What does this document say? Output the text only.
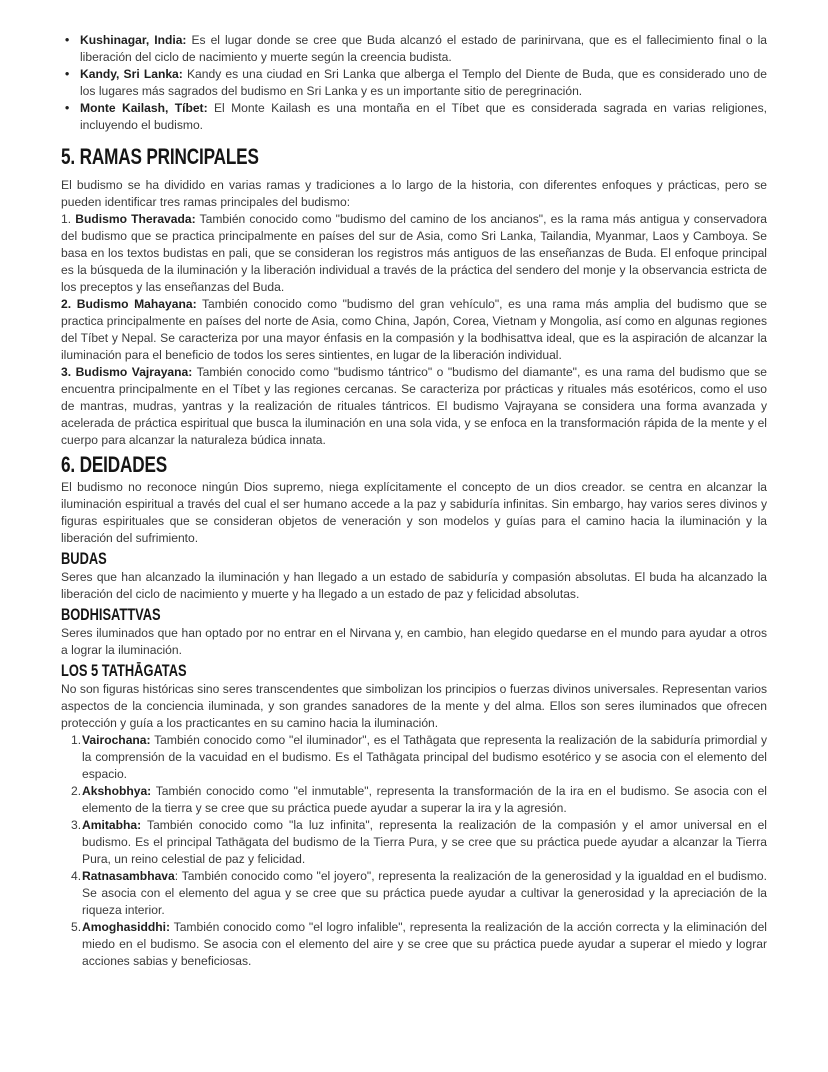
• Kushinagar, India: Es el lugar donde se cree que Buda alcanzó el estado de parinirvana, que es el fallecimiento final o la liberación del ciclo de nacimiento y muerte según la creencia budista.
• Kandy, Sri Lanka: Kandy es una ciudad en Sri Lanka que alberga el Templo del Diente de Buda, que es considerado uno de los lugares más sagrados del budismo en Sri Lanka y es un importante sitio de peregrinación.
• Monte Kailash, Tíbet: El Monte Kailash es una montaña en el Tíbet que es considerada sagrada en varias religiones, incluyendo el budismo.
5. RAMAS PRINCIPALES

El budismo se ha dividido en varias ramas y tradiciones a lo largo de la historia, con diferentes enfoques y prácticas, pero se pueden identificar tres ramas principales del budismo:

1. Budismo Theravada: También conocido como "budismo del camino de los ancianos", es la rama más antigua y conservadora del budismo que se practica principalmente en países del sur de Asia, como Sri Lanka, Tailandia, Myanmar, Laos y Camboya. Se basa en los textos budistas en pali, que se consideran los registros más antiguos de las enseñanzas de Buda. El enfoque principal es la búsqueda de la iluminación y la liberación individual a través de la práctica del sendero del monje y la observancia estricta de los preceptos y las enseñanzas del Buda.

2. Budismo Mahayana: También conocido como "budismo del gran vehículo", es una rama más amplia del budismo que se practica principalmente en países del norte de Asia, como China, Japón, Corea, Vietnam y Mongolia, así como en algunas regiones del Tíbet y Nepal. Se caracteriza por una mayor énfasis en la compasión y la bodhisattva ideal, que es la aspiración de alcanzar la iluminación para el beneficio de todos los seres sintientes, en lugar de la liberación individual.

3. Budismo Vajrayana: También conocido como "budismo tántrico" o "budismo del diamante", es una rama del budismo que se encuentra principalmente en el Tíbet y las regiones cercanas. Se caracteriza por prácticas y rituales más esotéricos, como el uso de mantras, mudras, yantras y la realización de rituales tántricos. El budismo Vajrayana se considera una forma avanzada y acelerada de práctica espiritual que busca la iluminación en una sola vida, y se enfoca en la transformación rápida de la mente y el cuerpo para alcanzar la naturaleza búdica innata.

6. DEIDADES

El budismo no reconoce ningún Dios supremo, niega explícitamente el concepto de un dios creador. se centra en alcanzar la iluminación espiritual a través del cual el ser humano accede a la paz y sabiduría infinitas. Sin embargo, hay varios seres divinos y figuras espirituales que se consideran objetos de veneración y son modelos y guías para el camino hacia la iluminación y la liberación del sufrimiento.

BUDAS

Seres que han alcanzado la iluminación y han llegado a un estado de sabiduría y compasión absolutas. El buda ha alcanzado la liberación del ciclo de nacimiento y muerte y ha llegado a un estado de paz y felicidad absolutas.

BODHISATTVAS

Seres iluminados que han optado por no entrar en el Nirvana y, en cambio, han elegido quedarse en el mundo para ayudar a otros a lograr la iluminación.

LOS 5 TATHĀGATAS

No son figuras históricas sino seres transcendentes que simbolizan los principios o fuerzas divinos universales. Representan varios aspectos de la conciencia iluminada, y son grandes sanadores de la mente y del alma. Ellos son seres iluminados que ofrecen protección y guía a los practicantes en su camino hacia la iluminación.

1. Vairochana: También conocido como "el iluminador", es el Tathāgata que representa la realización de la sabiduría primordial y la comprensión de la vacuidad en el budismo. Es el Tathāgata principal del budismo esotérico y se asocia con el elemento del espacio.
2. Akshobhya: También conocido como "el inmutable", representa la transformación de la ira en el budismo. Se asocia con el elemento de la tierra y se cree que su práctica puede ayudar a superar la ira y la agresión.
3. Amitabha: También conocido como "la luz infinita", representa la realización de la compasión y el amor universal en el budismo. Es el principal Tathāgata del budismo de la Tierra Pura, y se cree que su práctica puede ayudar a alcanzar la Tierra Pura, un reino celestial de paz y felicidad.
4. Ratnasambhava: También conocido como "el joyero", representa la realización de la generosidad y la igualdad en el budismo. Se asocia con el elemento del agua y se cree que su práctica puede ayudar a cultivar la generosidad y la apreciación de la riqueza interior.
5. Amoghasiddhi: También conocido como "el logro infalible", representa la realización de la acción correcta y la eliminación del miedo en el budismo. Se asocia con el elemento del aire y se cree que su práctica puede ayudar a superar el miedo y lograr acciones sabias y beneficiosas.
